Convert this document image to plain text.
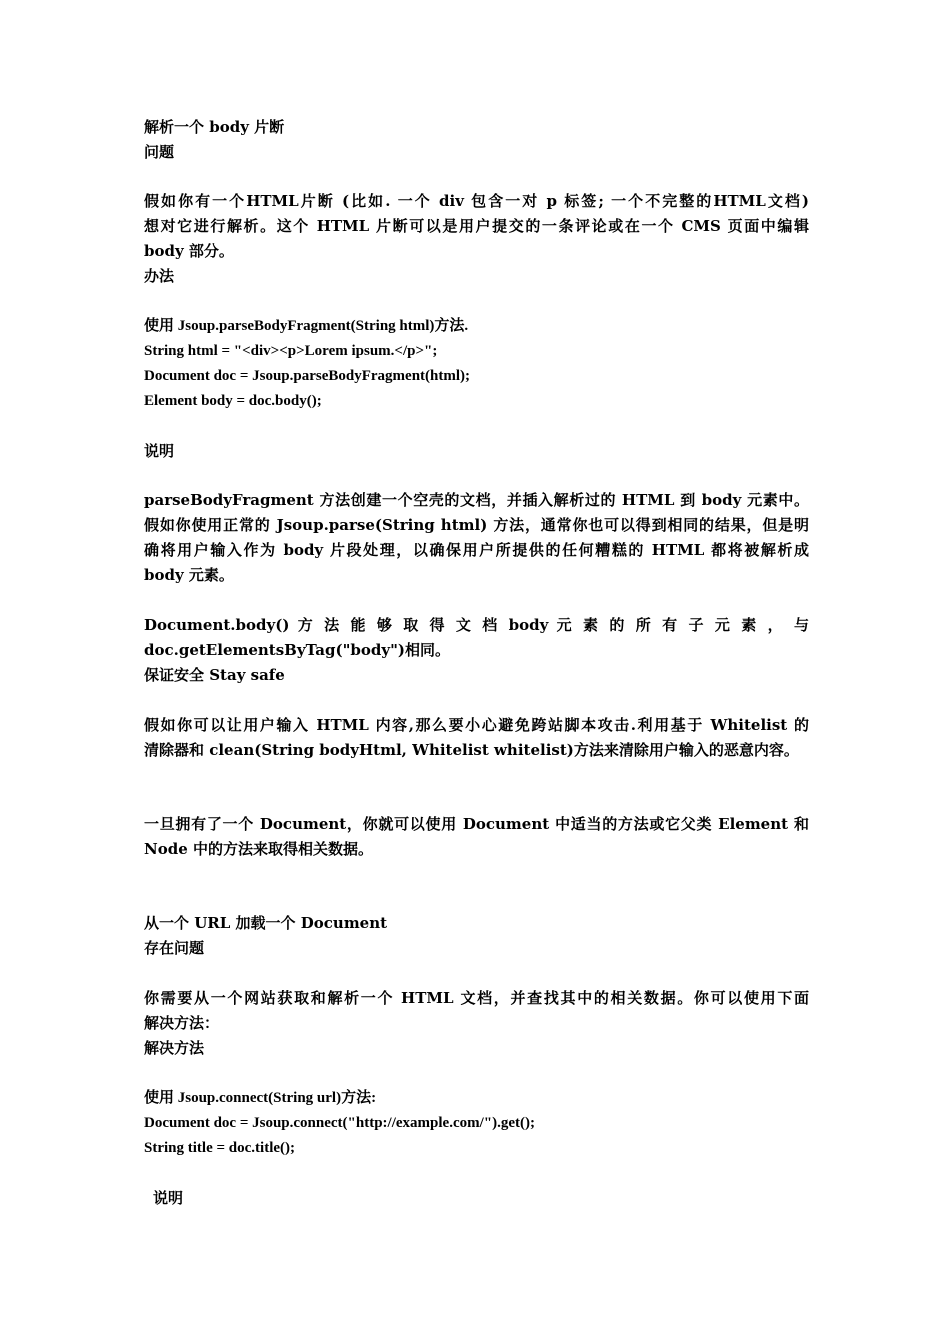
解析一个 body 片断
问题
假如你有一个HTML片断 (比如. 一个 div 包含一对 p 标签; 一个不完整的HTML文档)
想对它进行解析。这个 HTML 片断可以是用户提交的一条评论或在一个 CMS 页面中编辑
body 部分。
办法
使用 Jsoup.parseBodyFragment(String html)方法.
String html = "<div><p>Lorem ipsum.</p>";
Document doc = Jsoup.parseBodyFragment(html);
Element body = doc.body();
说明
parseBodyFragment 方法创建一个空壳的文档，并插入解析过的 HTML 到 body 元素中。
假如你使用正常的 Jsoup.parse(String html) 方法，通常你也可以得到相同的结果，但是明
确将用户输入作为 body 片段处理，以确保用户所提供的任何糟糕的 HTML 都将被解析成
body 元素。
Document.body() 方 法 能 够 取 得 文 档 body 元 素 的 所 有 子 元 素 ， 与
doc.getElementsByTag("body")相同。
保证安全 Stay safe
假如你可以让用户输入 HTML 内容,那么要小心避免跨站脚本攻击.利用基于 Whitelist 的
清除器和 clean(String bodyHtml, Whitelist whitelist)方法来清除用户输入的恶意内容。
一旦拥有了一个 Document，你就可以使用 Document 中适当的方法或它父类 Element 和
Node 中的方法来取得相关数据。
从一个 URL 加载一个 Document
存在问题
你需要从一个网站获取和解析一个 HTML 文档，并查找其中的相关数据。你可以使用下面
解决方法：
解决方法
使用 Jsoup.connect(String url)方法:
Document doc = Jsoup.connect("http://example.com/").get();
String title = doc.title();
说明
